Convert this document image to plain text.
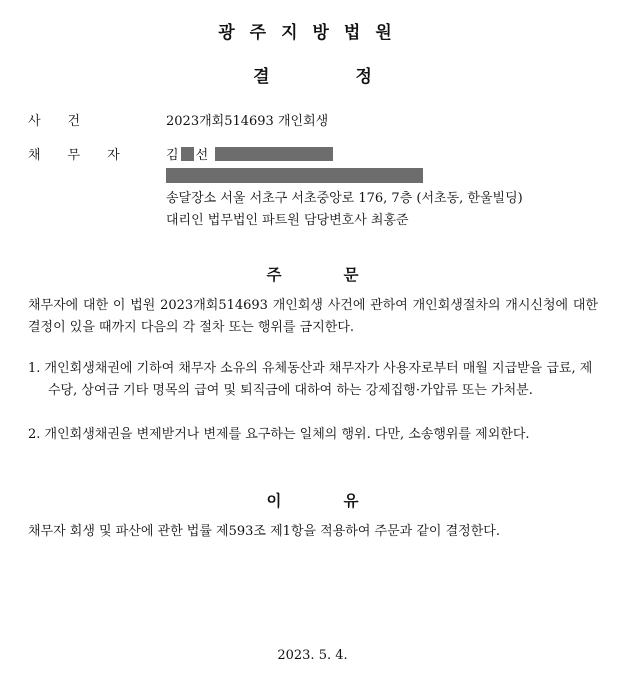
광주지방법원
결정
사건	2023개회514693 개인회생
채무자 김 선
송달장소 서울 서초구 서초중앙로 176, 7층 (서초동, 한울빌딩)
대리인 법무법인 파트원 담당변호사 최홍준
주문
채무자에 대한 이 법원 2023개회514693 개인회생 사건에 관하여 개인회생절차의 개시신청에 대한 결정이 있을 때까지 다음의 각 절차 또는 행위를 금지한다.
1. 개인회생채권에 기하여 채무자 소유의 유체동산과 채무자가 사용자로부터 매월 지급받을 급료, 제수당, 상여금 기타 명목의 급여 및 퇴직금에 대하여 하는 강제집행·가압류 또는 가처분.
2. 개인회생채권을 변제받거나 변제를 요구하는 일체의 행위. 다만, 소송행위를 제외한다.
이유
채무자 회생 및 파산에 관한 법률 제593조 제1항을 적용하여 주문과 같이 결정한다.
2023. 5. 4.
